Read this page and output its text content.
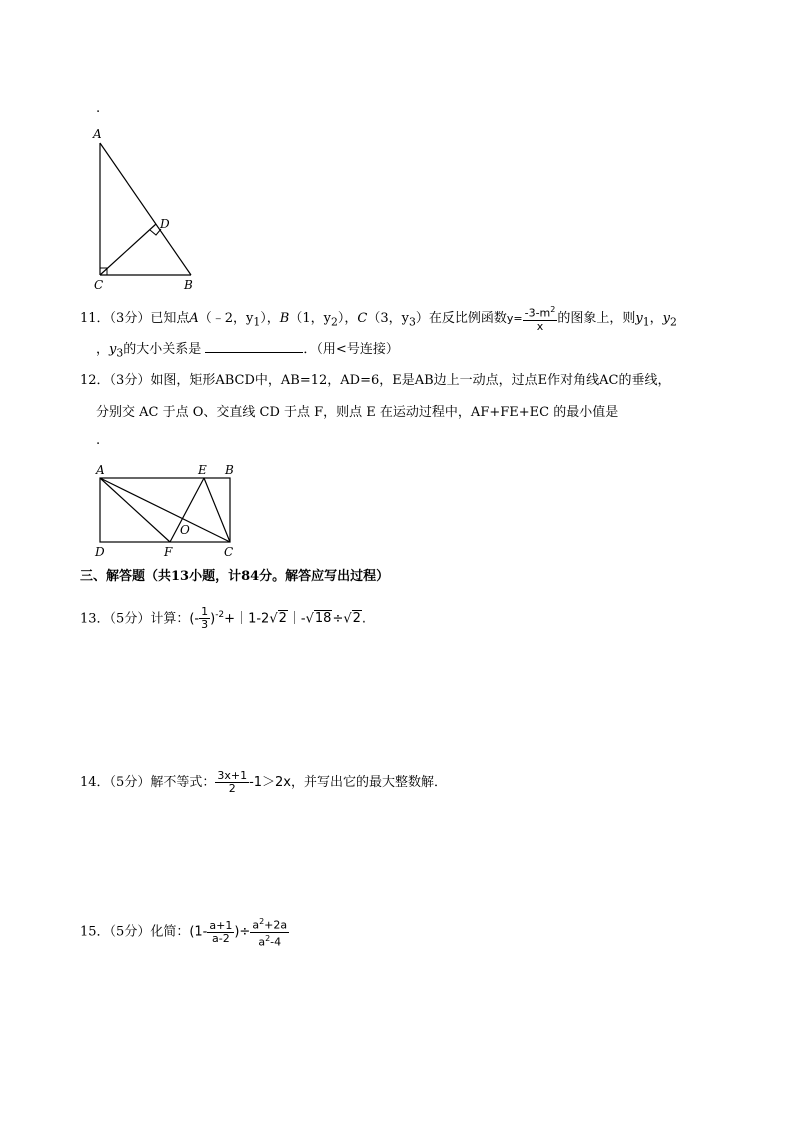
.
A
D
C	B
11．（3分）已知点A（﹣2，$y_1$），B（1，$y_2$），C（3，$y_3$）在反比例函数$y= \frac{-3-m^2}{x}$ 的图象上，则$y_1$，$y_2$
，$y_3$的大小关系是	．（用<号连接）
12．（3分）如图，矩形ABCD中，AB=12，AD=6，E是AB边上一动点，过点E作对角线AC的垂线，
分别交 AC 于点 O、交直线 CD 于点 F，则点 E 在运动过程中，AF+FE+EC 的最小值是
.
A	E B
O
D	F	C
三、解答题（共13小题，计84分。解答应写出过程）
13．（5分）计算：(- $\frac{1}{3}$ )$^{-2}$+｜1-2√2｜-√18÷√2.
14．（5分）解不等式： $\frac{3x+1}{2} -1>2x$，并写出它的最大整数解．
15．（5分）化简：($1- \frac{a+1}{a-2}$ )÷ $\frac{a^2+2a}{a^2-4}$
